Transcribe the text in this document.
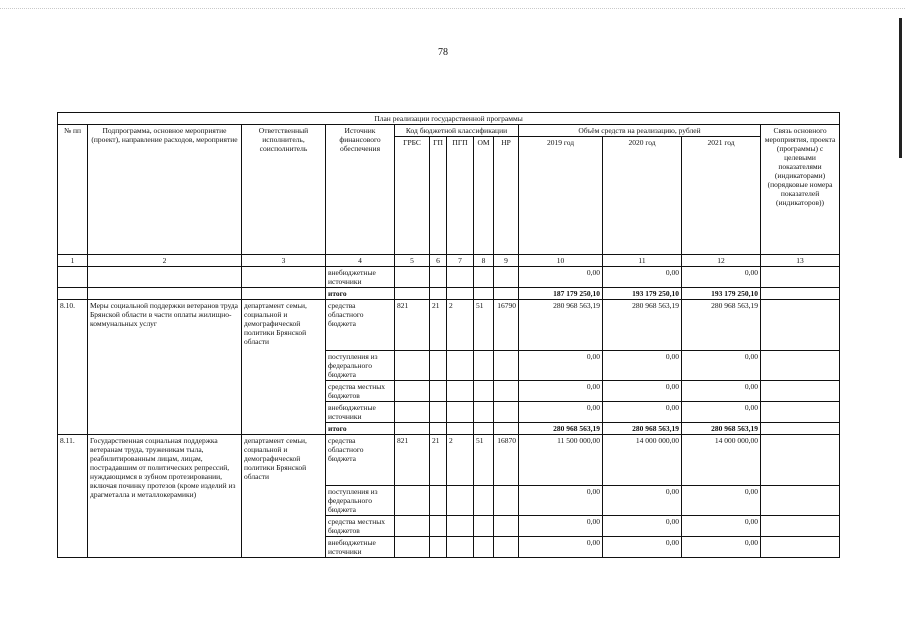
78
План реализации государственной программы												
№ пп	Подпрограмма, основное мероприятие (проект), направление расходов, мероприятие	Ответственный исполнитель, соисполнитель	Источник финансового обеспечения	Код бюджетной классификации					Объём средств на реализацию, рублей			Связь основного мероприятия, проекта (программы) с целевыми показателями (индикаторами) (порядковые номера показателей (индикаторов))
				ГРБС	ГП	ПГП	ОМ	НР	2019 год	2020 год	2021 год	
1	2	3	4	5	6	7	8	9	10	11	12	13
			внебюджетные источники						0,00	0,00	0,00	
			итого						187 179 250,10	193 179 250,10	193 179 250,10	
8.10.	Меры социальной поддержки ветеранов труда Брянской области в части оплаты жилищно-коммунальных услуг	департамент семьи, социальной и демографической политики Брянской области	средства областного бюджета	821	21	2	51	16790	280 968 563,19	280 968 563,19	280 968 563,19	
			поступления из федерального бюджета						0,00	0,00	0,00	
			средства местных бюджетов						0,00	0,00	0,00	
			внебюджетные источники						0,00	0,00	0,00	
			итого						280 968 563,19	280 968 563,19	280 968 563,19	
8.11.	Государственная социальная поддержка ветеранам труда, труженикам тыла, реабилитированным лицам, лицам, пострадавшим от политических репрессий, нуждающимся в зубном протезировании, включая починку протезов (кроме изделий из драгметалла и металлокерамики)	департамент семьи, социальной и демографической политики Брянской области	средства областного бюджета	821	21	2	51	16870	11 500 000,00	14 000 000,00	14 000 000,00	
			поступления из федерального бюджета						0,00	0,00	0,00	
			средства местных бюджетов						0,00	0,00	0,00	
			внебюджетные источники						0,00	0,00	0,00	
